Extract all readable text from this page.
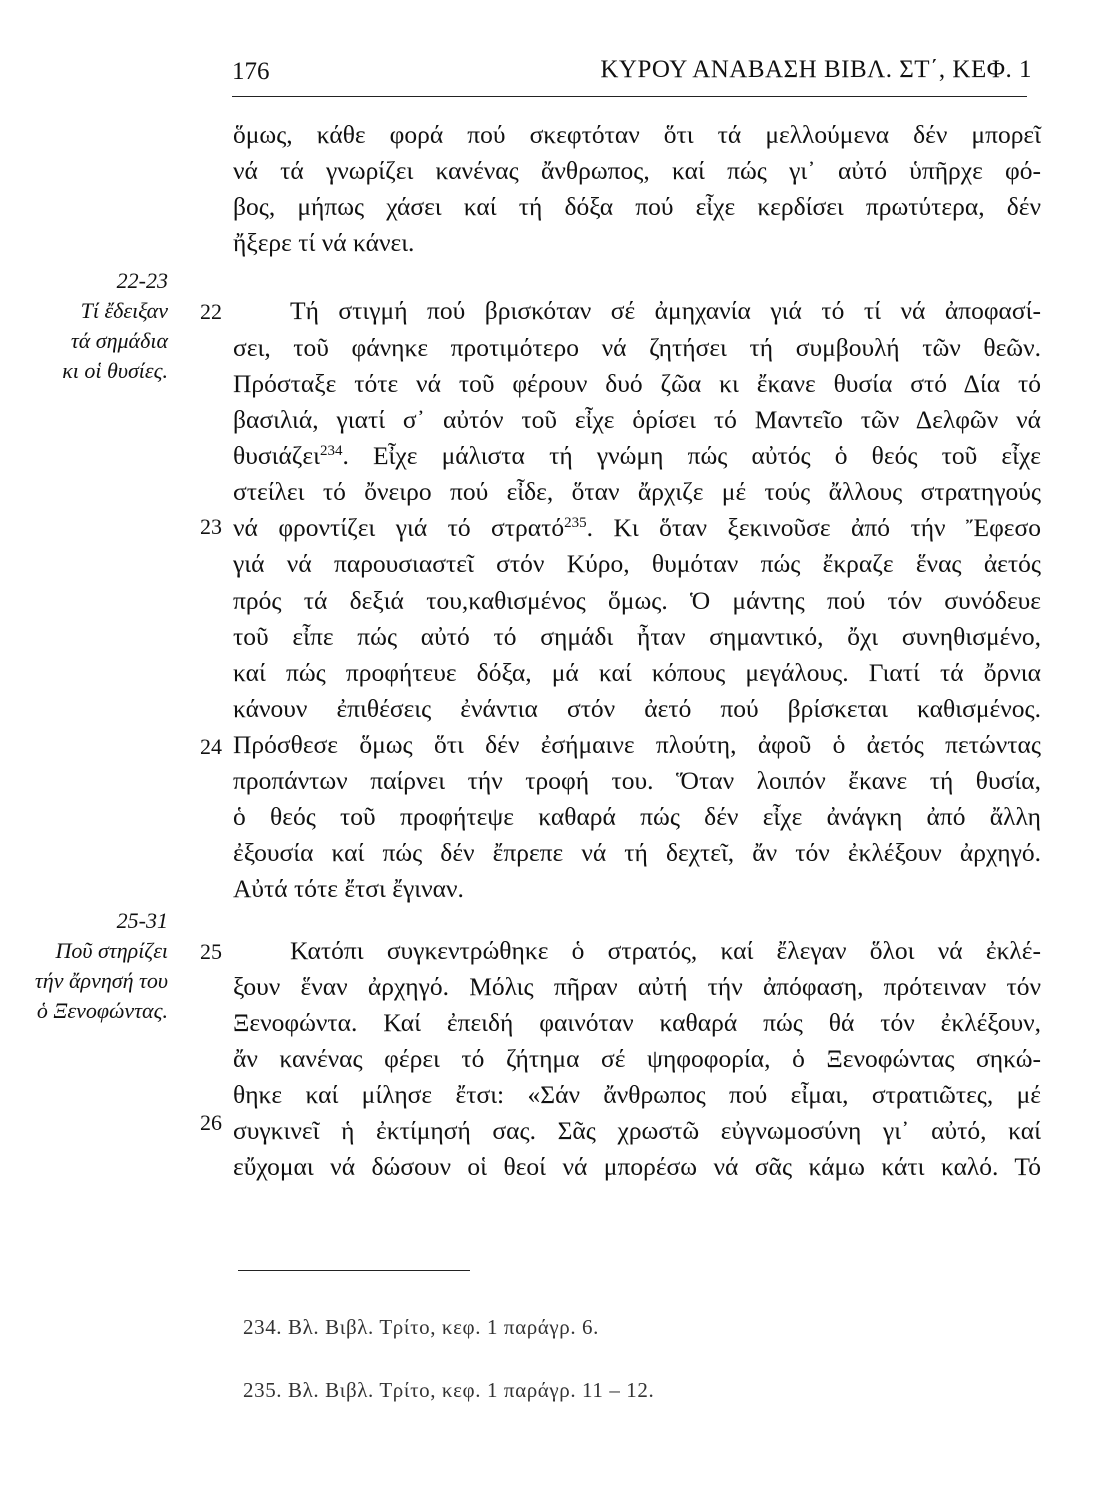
176	ΚΥΡΟΥ ΑΝΑΒΑΣΗ ΒΙΒΛ. ΣΤ΄, ΚΕΦ. 1
22-23
Τί ἔδειξαν
τά σημάδια
κι οἱ θυσίες.
25-31
Ποῦ στηρίζει
τήν ἄρνησή του
ὁ Ξενοφώντας.
22
23
24
25
26
ὅμως, κάθε φορά πού σκεφτόταν ὅτι τά μελλούμενα δέν μπορεῖ
νά τά γνωρίζει κανένας ἄνθρωπος, καί πώς γι᾽ αὐτό ὑπῆρχε φό-
βος, μήπως χάσει καί τή δόξα πού εἶχε κερδίσει πρωτύτερα, δέν
ἤξερε τί νά κάνει.
Τή στιγμή πού βρισκόταν σέ ἀμηχανία γιά τό τί νά ἀποφασί-
σει, τοῦ φάνηκε προτιμότερο νά ζητήσει τή συμβουλή τῶν θεῶν.
Πρόσταξε τότε νά τοῦ φέρουν δυό ζῶα κι ἔκανε θυσία στό Δία τό
βασιλιά, γιατί σ᾽ αὐτόν τοῦ εἶχε ὁρίσει τό Μαντεῖο τῶν Δελφῶν νά
θυσιάζει$^{234}$. Εἶχε μάλιστα τή γνώμη πώς αὐτός ὁ θεός τοῦ εἶχε
στείλει τό ὄνειρο πού εἶδε, ὅταν ἄρχιζε μέ τούς ἄλλους στρατηγούς
νά φροντίζει γιά τό στρατό$^{235}$. Κι ὅταν ξεκινοῦσε ἀπό τήν Ἔφεσο
γιά νά παρουσιαστεῖ στόν Κύρο, θυμόταν πώς ἔκραζε ἕνας ἀετός
πρός τά δεξιά του,καθισμένος ὅμως. Ὁ μάντης πού τόν συνόδευε
τοῦ εἶπε πώς αὐτό τό σημάδι ἦταν σημαντικό, ὄχι συνηθισμένο,
καί πώς προφήτευε δόξα, μά καί κόπους μεγάλους. Γιατί τά ὄρνια
κάνουν ἐπιθέσεις ἐνάντια στόν ἀετό πού βρίσκεται καθισμένος.
Πρόσθεσε ὅμως ὅτι δέν ἐσήμαινε πλούτη, ἀφοῦ ὁ ἀετός πετώντας
προπάντων παίρνει τήν τροφή του. Ὅταν λοιπόν ἔκανε τή θυσία,
ὁ θεός τοῦ προφήτεψε καθαρά πώς δέν εἶχε ἀνάγκη ἀπό ἄλλη
ἐξουσία καί πώς δέν ἔπρεπε νά τή δεχτεῖ, ἄν τόν ἐκλέξουν ἀρχηγό.
Αὐτά τότε ἔτσι ἔγιναν.
Κατόπι συγκεντρώθηκε ὁ στρατός, καί ἔλεγαν ὅλοι νά ἐκλέ-
ξουν ἕναν ἀρχηγό. Μόλις πῆραν αὐτή τήν ἀπόφαση, πρότειναν τόν
Ξενοφώντα. Καί ἐπειδή φαινόταν καθαρά πώς θά τόν ἐκλέξουν,
ἄν κανένας φέρει τό ζήτημα σέ ψηφοφορία, ὁ Ξενοφώντας σηκώ-
θηκε καί μίλησε ἔτσι: «Σάν ἄνθρωπος πού εἶμαι, στρατιῶτες, μέ
συγκινεῖ ἡ ἐκτίμησή σας. Σᾶς χρωστῶ εὐγνωμοσύνη γι᾽ αὐτό, καί
εὔχομαι νά δώσουν οἱ θεοί νά μπορέσω νά σᾶς κάμω κάτι καλό. Τό
234. Βλ. Βιβλ. Τρίτο, κεφ. 1 παράγρ. 6.
235. Βλ. Βιβλ. Τρίτο, κεφ. 1 παράγρ. 11 – 12.
